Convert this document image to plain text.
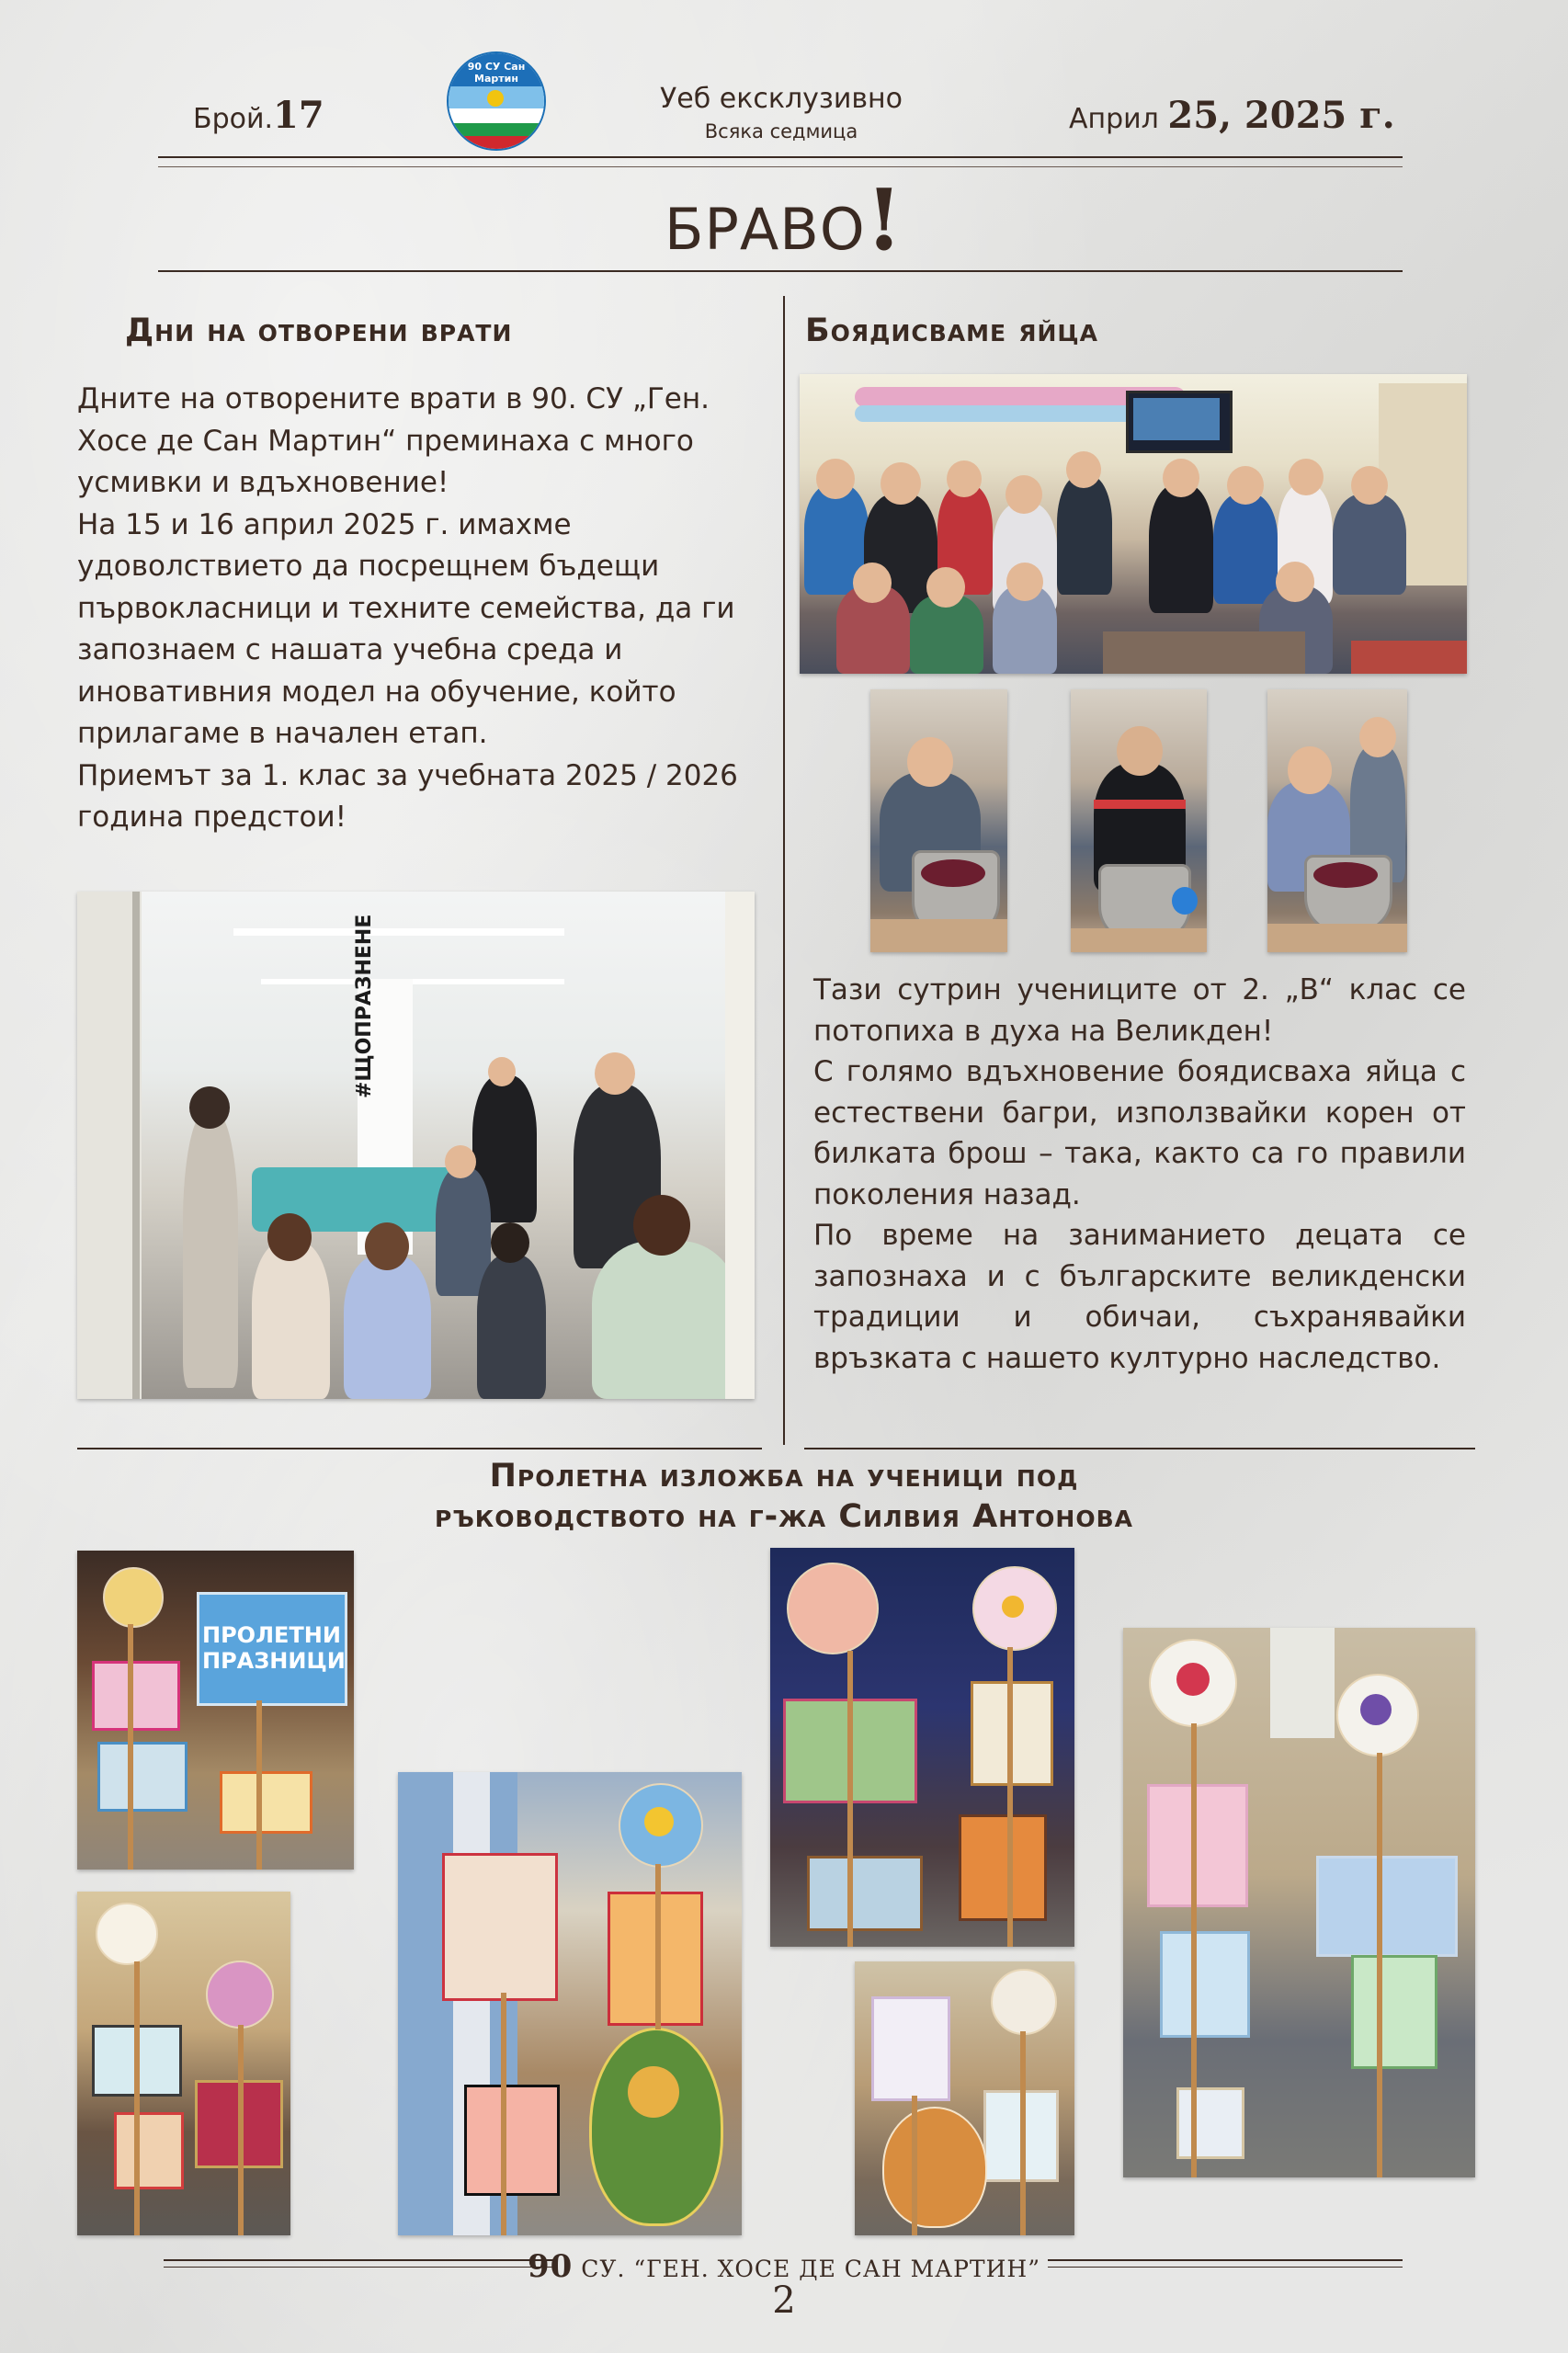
Брой.17
90 СУ Сан Мартин
Уеб ексклузивно
Всяка седмица	Април 25, 2025 г.
БРАВО!
Дни на отворени врати

Дните на отворените врати в 90. СУ „Ген. Хосе де Сан Мартин“ преминаха с много усмивки и вдъхновение!

На 15 и 16 април 2025 г. имахме удоволствието да посрещнем бъдещи първокласници и техните семейства, да ги запознаем с нашата учебна среда и иновативния модел на обучение, който прилагаме в начален етап.

Приемът за 1. клас за учебната 2025 / 2026 година предстои!

#ЩОПРАЗНЕНЕ
Боядисваме яйца

Тази сутрин учениците от 2. „В“ клас се потопиха в духа на Великден!

С голямо вдъхновение боядисваха яйца с естествени багри, използвайки корен от билката брош – така, както са го правили поколения назад.

По време на заниманието децата се запознаха и с българските великденски традиции и обичаи, съхранявайки връзката с нашето културно наследство.

Пролетна изложба на ученици под
ръководството на г-жа Силвия Антонова
ПРОЛЕТНИ ПРАЗНИЦИ
90 СУ. “ГЕН. ХОСЕ ДЕ САН МАРТИН”
2
